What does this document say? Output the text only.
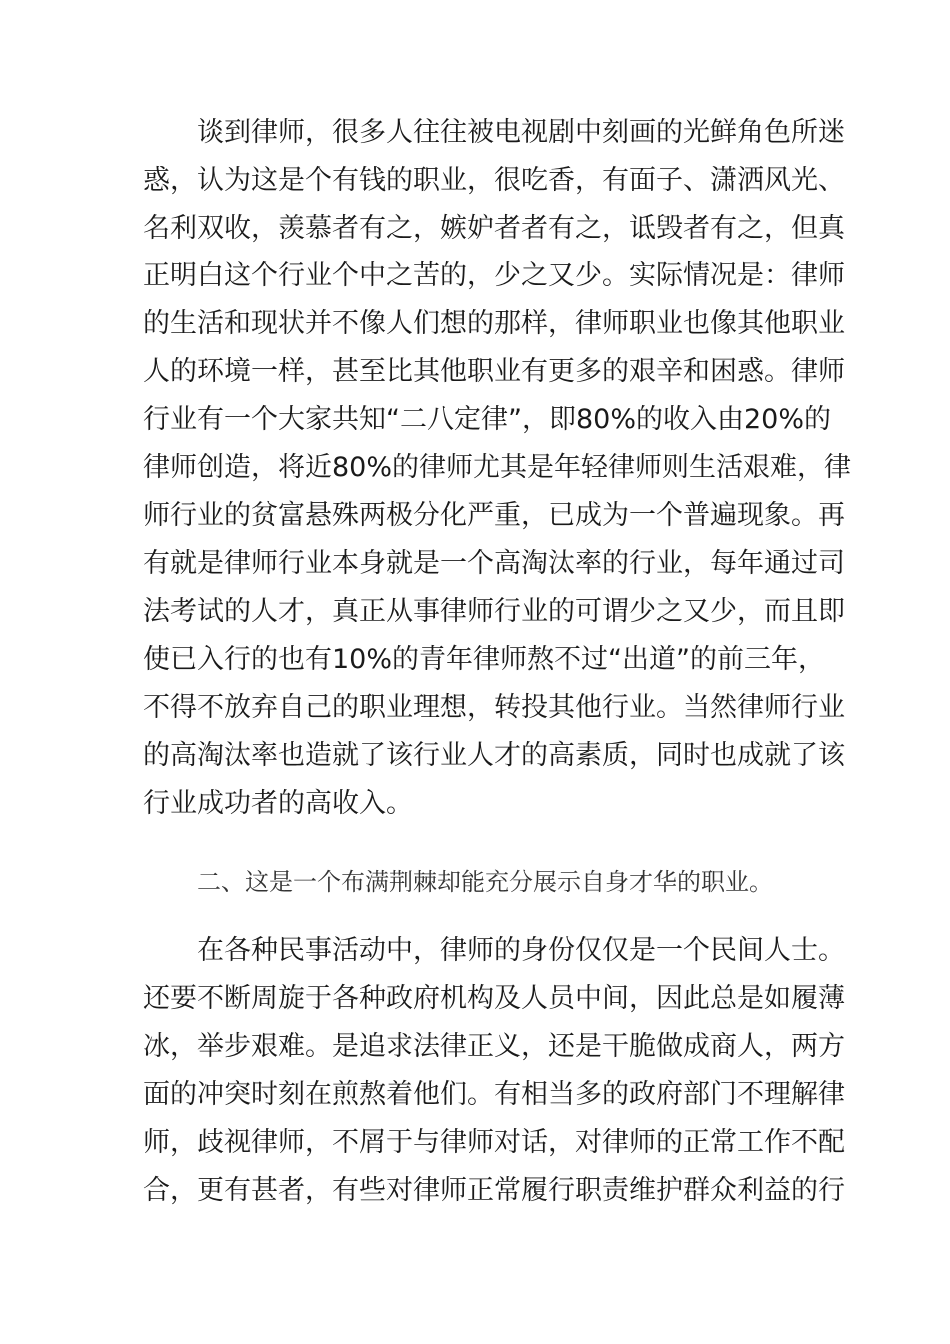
谈到律师，很多人往往被电视剧中刻画的光鲜角色所迷
惑，认为这是个有钱的职业，很吃香，有面子、潇洒风光、
名利双收，羡慕者有之，嫉妒者者有之，诋毁者有之，但真
正明白这个行业个中之苦的，少之又少。实际情况是：律师
的生活和现状并不像人们想的那样，律师职业也像其他职业
人的环境一样，甚至比其他职业有更多的艰辛和困惑。律师
行业有一个大家共知“二八定律”，即80%的收入由20%的
律师创造，将近80%的律师尤其是年轻律师则生活艰难，律
师行业的贫富悬殊两极分化严重，已成为一个普遍现象。再
有就是律师行业本身就是一个高淘汰率的行业，每年通过司
法考试的人才，真正从事律师行业的可谓少之又少，而且即
使已入行的也有10%的青年律师熬不过“出道”的前三年，
不得不放弃自己的职业理想，转投其他行业。当然律师行业
的高淘汰率也造就了该行业人才的高素质，同时也成就了该
行业成功者的高收入。
二、这是一个布满荆棘却能充分展示自身才华的职业。
在各种民事活动中，律师的身份仅仅是一个民间人士。
还要不断周旋于各种政府机构及人员中间，因此总是如履薄
冰，举步艰难。是追求法律正义，还是干脆做成商人，两方
面的冲突时刻在煎熬着他们。有相当多的政府部门不理解律
师，歧视律师，不屑于与律师对话，对律师的正常工作不配
合，更有甚者，有些对律师正常履行职责维护群众利益的行
